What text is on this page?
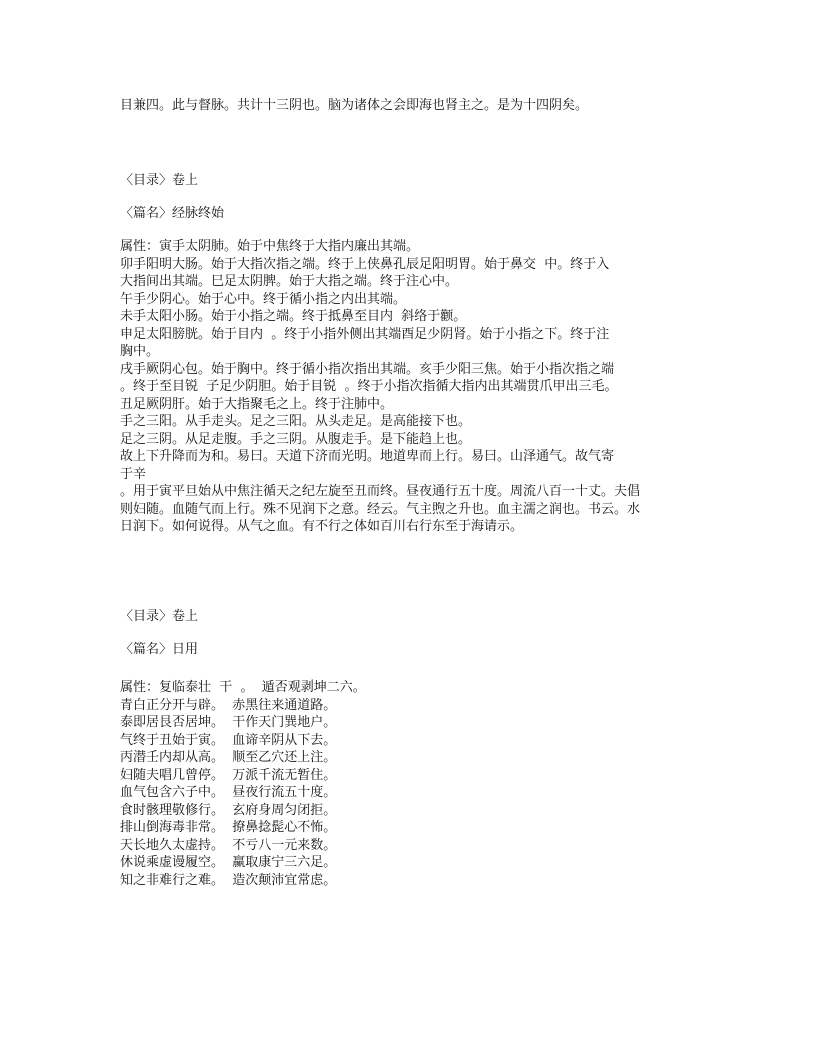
目兼四。此与督脉。共计十三阴也。脑为诸体之会即海也肾主之。是为十四阴矣。
〈目录〉卷上
〈篇名〉经脉终始
属性：寅手太阴肺。始于中焦终于大指内廉出其端。
卯手阳明大肠。始于大指次指之端。终于上侠鼻孔辰足阳明胃。始于鼻交  中。终于入
大指间出其端。巳足太阴脾。始于大指之端。终于注心中。
午手少阴心。始于心中。终于循小指之内出其端。
未手太阳小肠。始于小指之端。终于抵鼻至目内  斜络于颧。
申足太阳膀胱。始于目内  。终于小指外侧出其端酉足少阴肾。始于小指之下。终于注
胸中。
戌手厥阴心包。始于胸中。终于循小指次指出其端。亥手少阳三焦。始于小指次指之端
。终于至目锐  子足少阴胆。始于目锐  。终于小指次指循大指内出其端贯爪甲出三毛。
丑足厥阴肝。始于大指聚毛之上。终于注肺中。
手之三阳。从手走头。足之三阳。从头走足。是高能接下也。
足之三阴。从足走腹。手之三阴。从腹走手。是下能趋上也。
故上下升降而为和。易曰。天道下济而光明。地道卑而上行。易曰。山泽通气。故气寄
于辛
。用于寅平旦始从中焦注循天之纪左旋至丑而终。昼夜通行五十度。周流八百一十丈。夫倡
则妇随。血随气而上行。殊不见润下之意。经云。气主煦之升也。血主濡之润也。书云。水
日润下。如何说得。从气之血。有不行之体如百川右行东至于海请示。
〈目录〉卷上
〈篇名〉日用
属性：复临泰壮  干  。  遁否观剥坤二六。
青白正分开与辟。  赤黑往来通道路。
泰即居艮否居坤。  干作天门巽地户。
气终于丑始于寅。  血谛辛阴从下去。
丙潜壬内却从高。  顺至乙穴还上注。
妇随夫唱几曾停。  万派千流无暂住。
血气包含六子中。  昼夜行流五十度。
食时骸理敬修行。  玄府身周匀闭拒。
排山倒海毒非常。  撩鼻捻髭心不怖。
天长地久太虚持。  不亏八一元来数。
休说乘虚谩履空。  赢取康宁三六足。
知之非难行之难。  造次颠沛宜常虑。
